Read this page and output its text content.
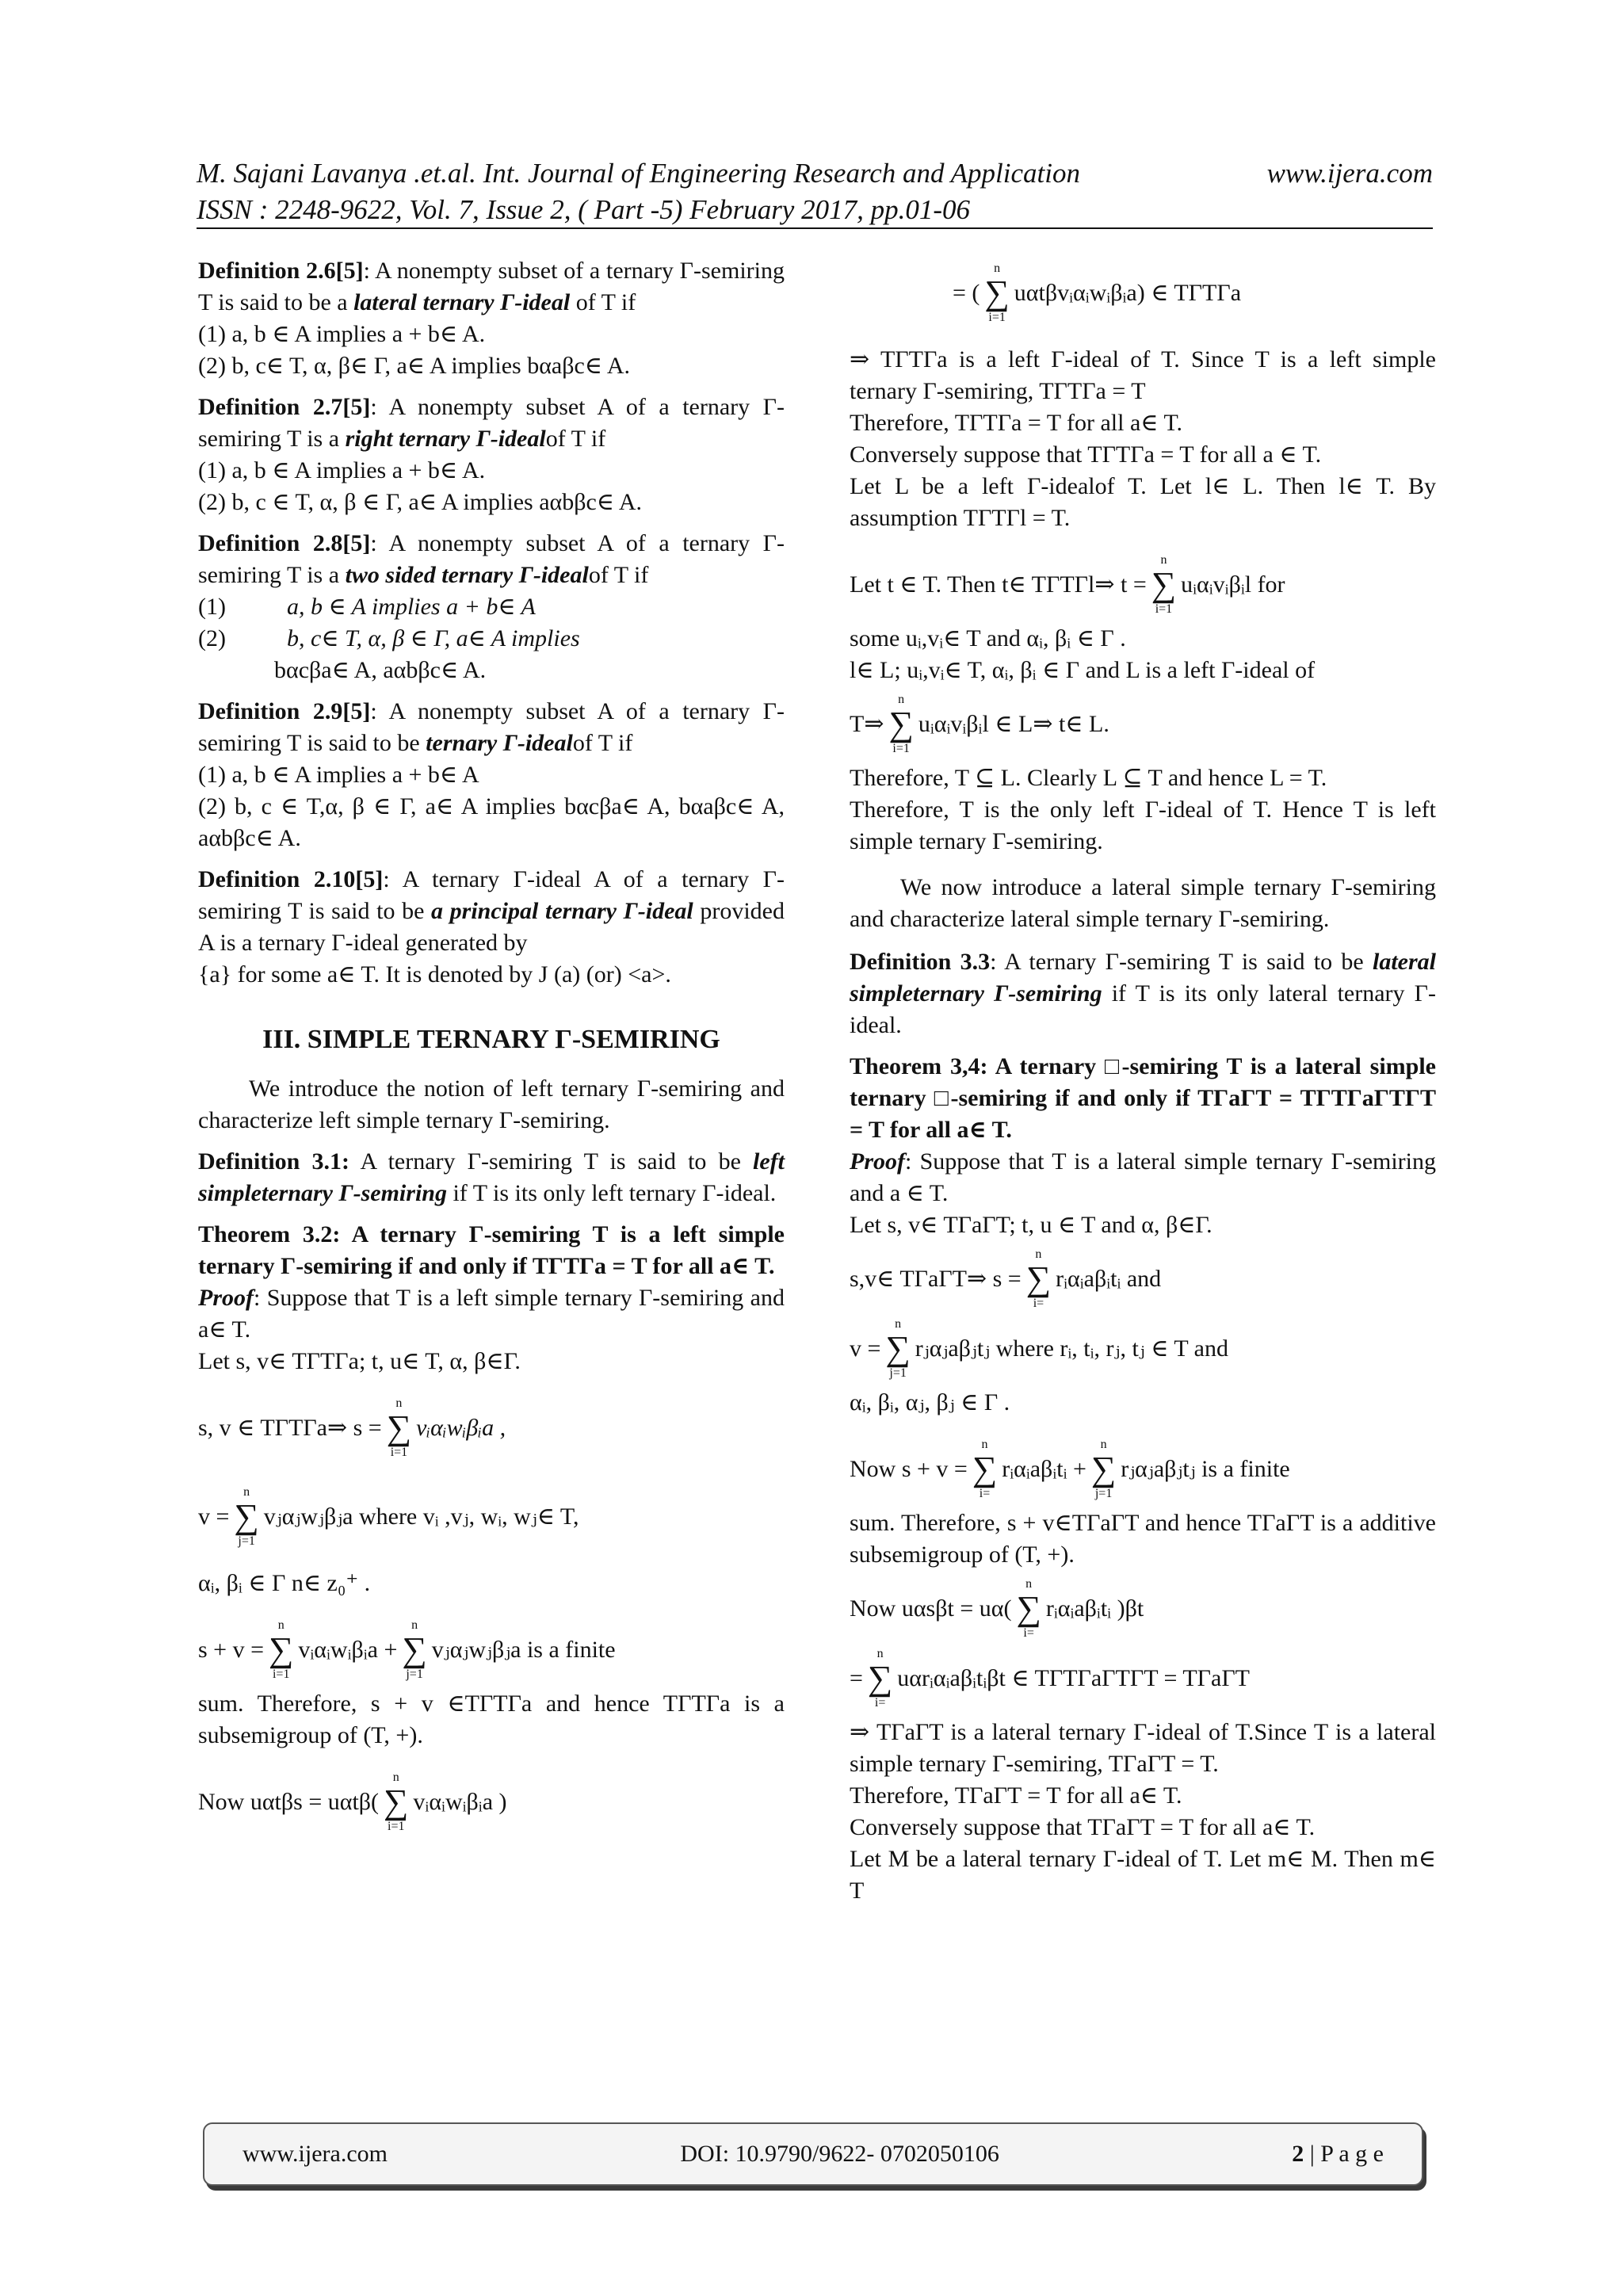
M. Sajani Lavanya .et.al. Int. Journal of Engineering Research and Application	www.ijera.com
ISSN : 2248-9622, Vol. 7, Issue 2, ( Part -5) February 2017, pp.01-06

Definition 2.6[5]: A nonempty subset of a ternary Γ-semiring T is said to be a lateral ternary Γ-ideal of T if

(1) a, b ∈ A implies a + b∈ A.

(2) b, c∈ T, α, β∈ Γ, a∈ A implies bαaβc∈ A.

Definition 2.7[5]: A nonempty subset A of a ternary Γ-semiring T is a right ternary Γ-idealof T if

(1) a, b ∈ A implies a + b∈ A.

(2) b, c ∈ T, α, β ∈ Γ, a∈ A implies aαbβc∈ A.

Definition 2.8[5]: A nonempty subset A of a ternary Γ-semiring T is a two sided ternary Γ-idealof T if

(1)	a, b ∈ A implies a + b∈ A
(2)	b, c∈ T, α, β ∈ Γ, a∈ A implies

bαcβa∈ A, aαbβc∈ A.

Definition 2.9[5]: A nonempty subset A of a ternary Γ-semiring T is said to be ternary Γ-idealof T if

(1) a, b ∈ A implies a + b∈ A

(2) b, c ∈ T,α, β ∈ Γ, a∈ A implies bαcβa∈ A, bαaβc∈ A, aαbβc∈ A.

Definition 2.10[5]: A ternary Γ-ideal A of a ternary Γ-semiring T is said to be a principal ternary Γ-ideal provided A is a ternary Γ-ideal generated by

{a} for some a∈ T. It is denoted by J (a) (or) <a>.

III. SIMPLE TERNARY Γ-SEMIRING
We introduce the notion of left ternary Γ-semiring and characterize left simple ternary Γ-semiring.

Definition 3.1: A ternary Γ-semiring T is said to be left simpleternary Γ-semiring if T is its only left ternary Γ-ideal.

Theorem 3.2: A ternary Γ-semiring T is a left simple ternary Γ-semiring if and only if TΓTΓa = T for all a∈ T.

Proof: Suppose that T is a left simple ternary Γ-semiring and a∈ T.

Let s, v∈ TΓTΓa; t, u∈ T, α, β∈Γ.

s, v ∈ TΓTΓa⇒ s =
n
∑
i=1
vᵢαᵢwᵢβᵢa ,
v =
n
∑
j=1
vⱼαⱼwⱼβⱼa where vᵢ ,vⱼ, wᵢ, wⱼ∈ T,

αᵢ, βᵢ ∈ Γ n∈ z₀⁺ .

s + v =
n
∑
i=1
vᵢαᵢwᵢβᵢa +
n
∑
j=1
vⱼαⱼwⱼβⱼa is a finite

sum. Therefore, s + v ∈TΓTΓa and hence TΓTΓa is a subsemigroup of (T, +).

Now uαtβs = uαtβ(
n
∑
i=1
vᵢαᵢwᵢβᵢa )
= (
n
∑
i=1
uαtβvᵢαᵢwᵢβᵢa) ∈ TΓTΓa

⇒ TΓTΓa is a left Γ-ideal of T. Since T is a left simple ternary Γ-semiring, TΓTΓa = T

Therefore, TΓTΓa = T for all a∈ T.

Conversely suppose that TΓTΓa = T for all a ∈ T.

Let L be a left Γ-idealof T. Let l∈ L. Then l∈ T. By assumption TΓTΓl = T.

Let t ∈ T. Then t∈ TΓTΓl⇒ t =
n
∑
i=1
uᵢαᵢvᵢβᵢl for

some uᵢ,vᵢ∈ T and αᵢ, βᵢ ∈ Γ .

l∈ L; uᵢ,vᵢ∈ T, αᵢ, βᵢ ∈ Γ and L is a left Γ-ideal of

T⇒
n
∑
i=1
uᵢαᵢvᵢβᵢl ∈ L⇒ t∈ L.

Therefore, T ⊆ L. Clearly L ⊆ T and hence L = T.

Therefore, T is the only left Γ-ideal of T. Hence T is left simple ternary Γ-semiring.

We now introduce a lateral simple ternary Γ-semiring and characterize lateral simple ternary Γ-semiring.

Definition 3.3: A ternary Γ-semiring T is said to be lateral simpleternary Γ-semiring if T is its only lateral ternary Γ-ideal.

Theorem 3,4: A ternary □-semiring T is a lateral simple ternary □-semiring if and only if TΓaΓT = TΓTΓaΓTΓT = T for all a∈ T.

Proof: Suppose that T is a lateral simple ternary Γ-semiring and a ∈ T.

Let s, v∈ TΓaΓT; t, u ∈ T and α, β∈Γ.

s,v∈ TΓaΓT⇒ s =
n
∑
i=
rᵢαᵢaβᵢtᵢ and
v =
n
∑
j=1
rⱼαⱼaβⱼtⱼ where rᵢ, tᵢ, rⱼ, tⱼ ∈ T and

αᵢ, βᵢ, αⱼ, βⱼ ∈ Γ .

Now s + v =
n
∑
i=
rᵢαᵢaβᵢtᵢ +
n
∑
j=1
rⱼαⱼaβⱼtⱼ is a finite

sum. Therefore, s + v∈TΓaΓT and hence TΓaΓT is a additive subsemigroup of (T, +).

Now uαsβt = uα(
n
∑
i=
rᵢαᵢaβᵢtᵢ )βt
=
n
∑
i=
uαrᵢαᵢaβᵢtᵢβt ∈ TΓTΓaΓTΓT = TΓaΓT

⇒ TΓaΓT is a lateral ternary Γ-ideal of T.Since T is a lateral simple ternary Γ-semiring, TΓaΓT = T.

Therefore, TΓaΓT = T for all a∈ T.

Conversely suppose that TΓaΓT = T for all a∈ T.

Let M be a lateral ternary Γ-ideal of T. Let m∈ M. Then m∈ T

www.ijera.com	DOI: 10.9790/9622- 0702050106	2 | P a g e
